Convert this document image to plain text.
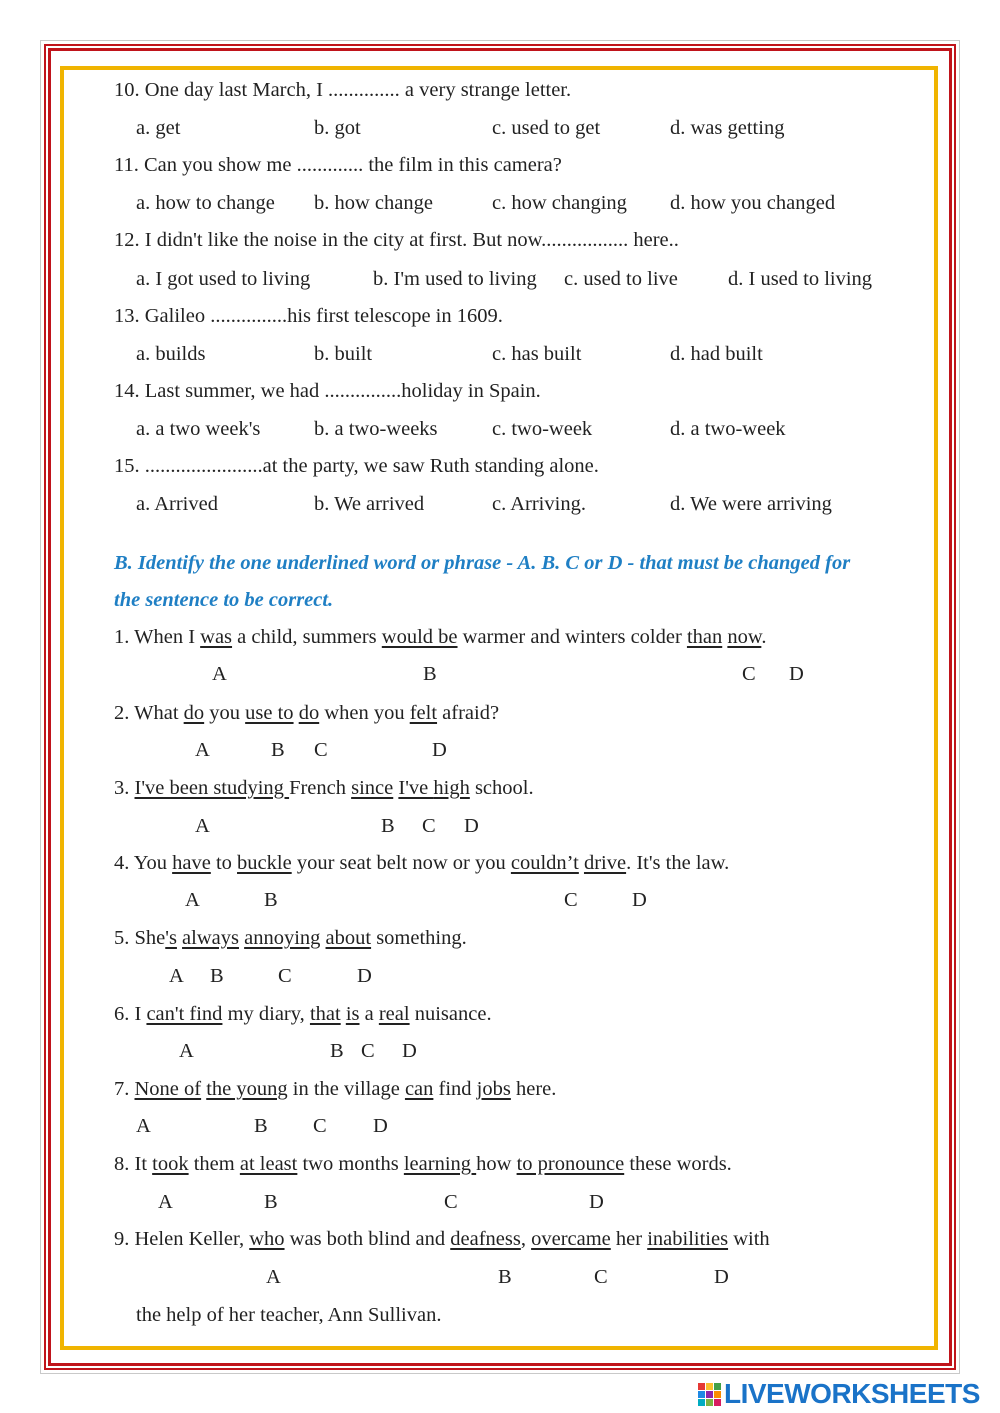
10. One day last March, I .............. a very strange letter.
a. get	b. got	c. used to get	d. was getting
11. Can you show me ............. the film in this camera?
a. how to change b. how change	c. how changing d. how you changed
12. I didn't like the noise in the city at first. But now................. here..
a. I got used to living	b. I'm used to living c. used to live d. I used to living
13. Galileo ...............his first telescope in 1609.
a. builds	b. built	c. has built	d. had built
14. Last summer, we had ...............holiday in Spain.
a. a two week's	b. a two-weeks	c. two-week	d. a two-week
15. .......................at the party, we saw Ruth standing alone.
a. Arrived	b. We arrived	c. Arriving.	d. We were arriving
B. Identify the one underlined word or phrase - A. B. C or D - that must be changed for
the sentence to be correct.
1. When I was a child, summers would be warmer and winters colder than now.
A	B	C D
2. What do you use to do when you felt afraid?
A	B C	D
3. I've been studying French since I've high school.
A	B C D
4. You have to buckle your seat belt now or you couldn’t drive. It's the law.
A	B	C	D
5. She's always annoying about something.
A B	C	D
6. I can't find my diary, that is a real nuisance.
A	B C D
7. None of the young in the village can find jobs here.
A	B C D
8. It took them at least two months learning how to pronounce these words.
A	B	C	D
9. Helen Keller, who was both blind and deafness, overcame her inabilities with
A	B	C	D
the help of her teacher, Ann Sullivan.
LIVEWORKSHEETS
